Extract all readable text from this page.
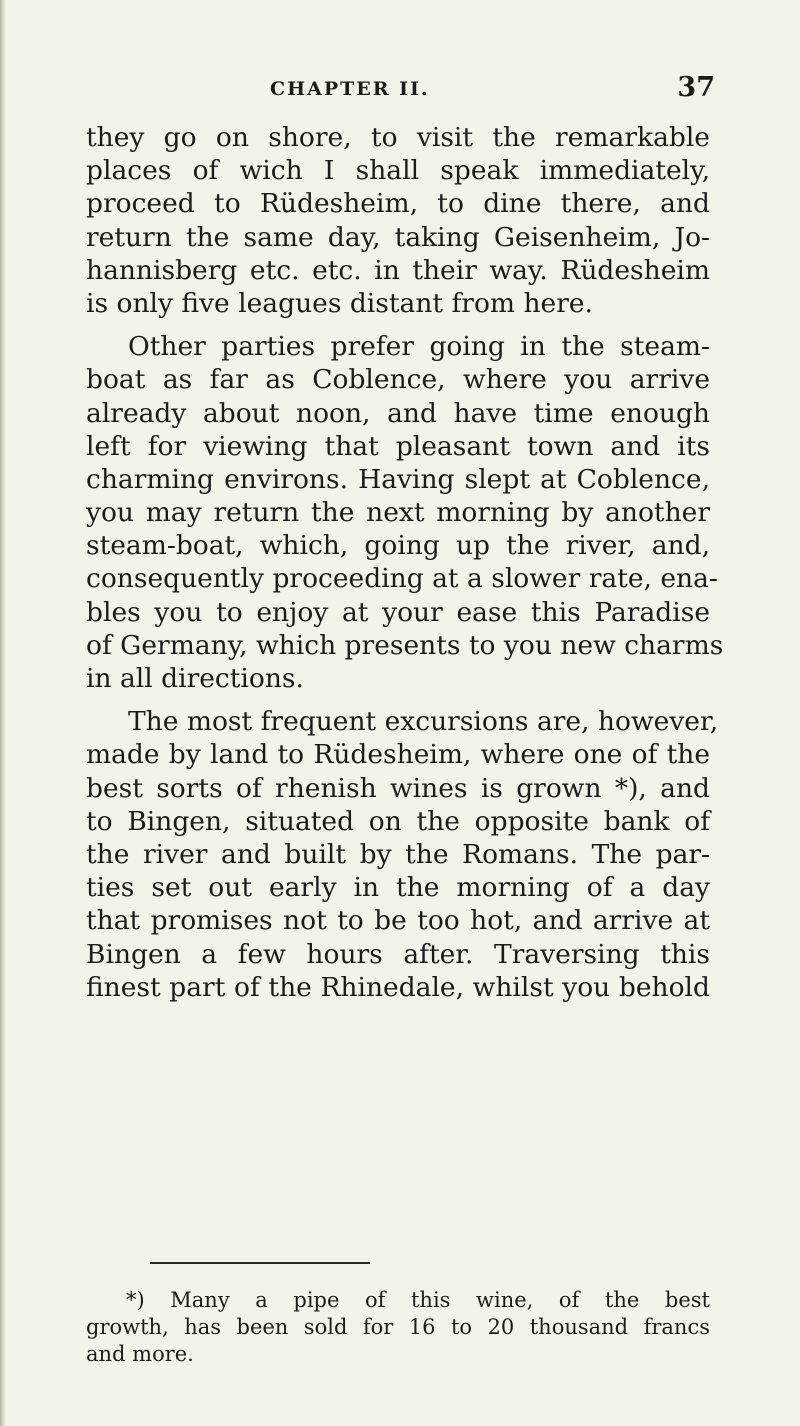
CHAPTER II.	37
they go on shore, to visit the remarkable
places of wich I shall speak immediately,
proceed to Rüdesheim, to dine there, and
return the same day, taking Geisenheim, Jo-
hannisberg etc. etc. in their way. Rüdesheim
is only five leagues distant from here.
Other parties prefer going in the steam-
boat as far as Coblence, where you arrive
already about noon, and have time enough
left for viewing that pleasant town and its
charming environs. Having slept at Coblence,
you may return the next morning by another
steam-boat, which, going up the river, and,
consequently proceeding at a slower rate, ena-
bles you to enjoy at your ease this Paradise
of Germany, which presents to you new charms
in all directions.
The most frequent excursions are, however,
made by land to Rüdesheim, where one of the
best sorts of rhenish wines is grown *), and
to Bingen, situated on the opposite bank of
the river and built by the Romans. The par-
ties set out early in the morning of a day
that promises not to be too hot, and arrive at
Bingen a few hours after. Traversing this
finest part of the Rhinedale, whilst you behold
*) Many a pipe of this wine, of the best
growth, has been sold for 16 to 20 thousand francs
and more.
